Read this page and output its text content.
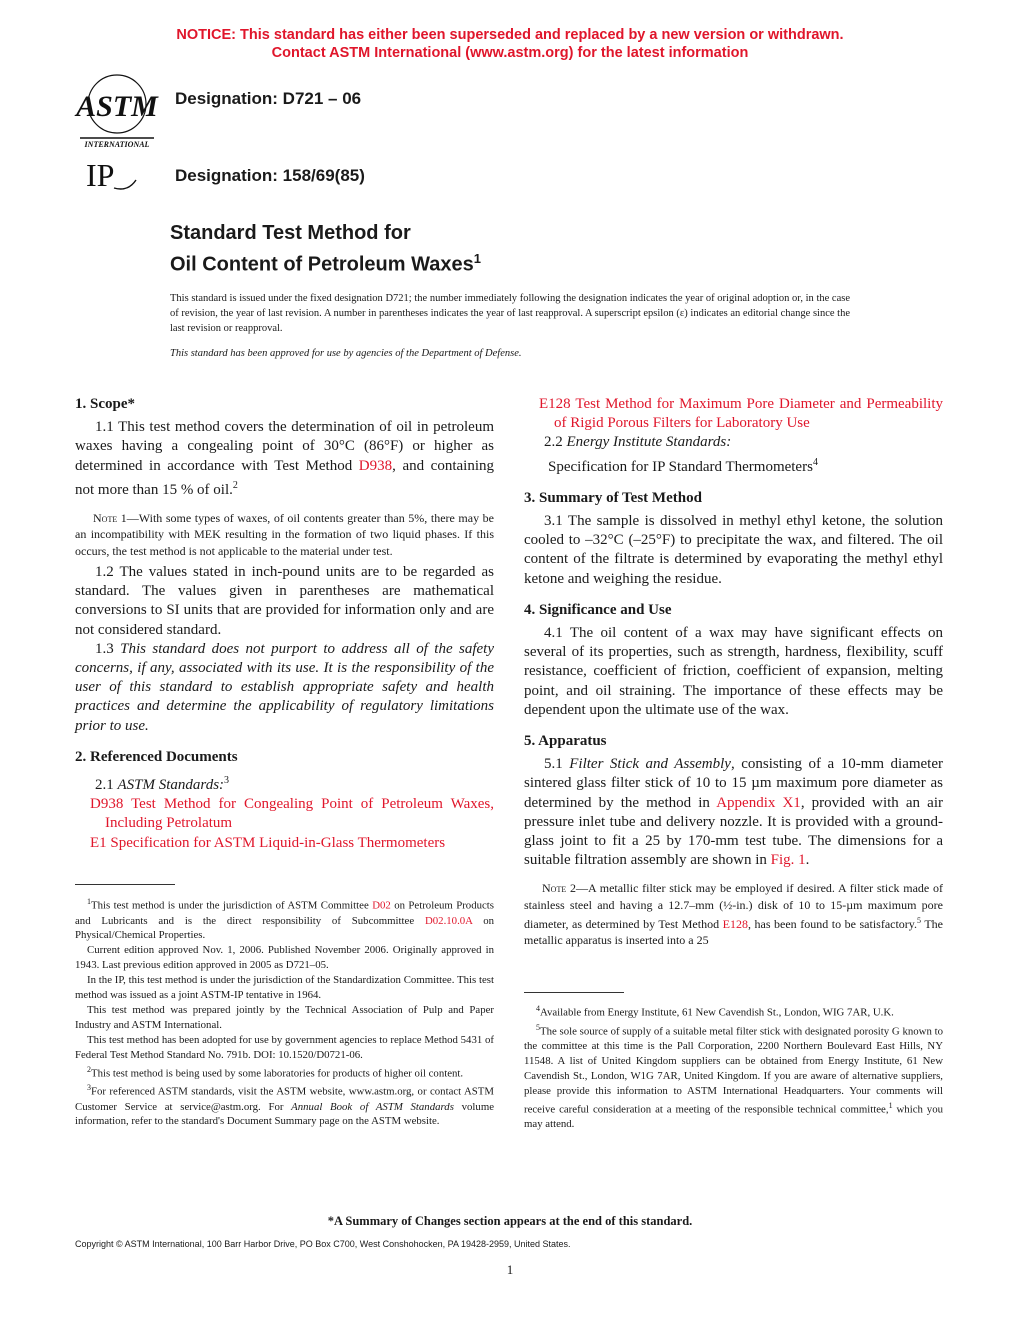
NOTICE: This standard has either been superseded and replaced by a new version or withdrawn.
Contact ASTM International (www.astm.org) for the latest information
ASTM
INTERNATIONAL
Designation: D721 – 06
IP	Designation: 158/69(85)
Standard Test Method for
Oil Content of Petroleum Waxes$^1$
This standard is issued under the fixed designation D721; the number immediately following the designation indicates the year of original adoption or, in the case of revision, the year of last revision. A number in parentheses indicates the year of last reapproval. A superscript epsilon (ε) indicates an editorial change since the last revision or reapproval.
This standard has been approved for use by agencies of the Department of Defense.
1. Scope*

1.1 This test method covers the determination of oil in petroleum waxes having a congealing point of 30°C (86°F) or higher as determined in accordance with Test Method D938, and containing not more than 15 % of oil.$^2$

Note 1—With some types of waxes, of oil contents greater than 5%, there may be an incompatibility with MEK resulting in the formation of two liquid phases. If this occurs, the test method is not applicable to the material under test.

1.2 The values stated in inch-pound units are to be regarded as standard. The values given in parentheses are mathematical conversions to SI units that are provided for information only and are not considered standard.

1.3 This standard does not purport to address all of the safety concerns, if any, associated with its use. It is the responsibility of the user of this standard to establish appropriate safety and health practices and determine the applicability of regulatory limitations prior to use.

2. Referenced Documents

2.1 ASTM Standards:$^3$

D938 Test Method for Congealing Point of Petroleum Waxes, Including Petrolatum

E1 Specification for ASTM Liquid-in-Glass Thermometers

$^1$This test method is under the jurisdiction of ASTM Committee D02 on Petroleum Products and Lubricants and is the direct responsibility of Subcommittee D02.10.0A on Physical/Chemical Properties.

Current edition approved Nov. 1, 2006. Published November 2006. Originally approved in 1943. Last previous edition approved in 2005 as D721–05.

In the IP, this test method is under the jurisdiction of the Standardization Committee. This test method was issued as a joint ASTM-IP tentative in 1964.

This test method was prepared jointly by the Technical Association of Pulp and Paper Industry and ASTM International.

This test method has been adopted for use by government agencies to replace Method 5431 of Federal Test Method Standard No. 791b. DOI: 10.1520/D0721-06.

$^2$This test method is being used by some laboratories for products of higher oil content.

$^3$For referenced ASTM standards, visit the ASTM website, www.astm.org, or contact ASTM Customer Service at service@astm.org. For Annual Book of ASTM Standards volume information, refer to the standard's Document Summary page on the ASTM website.

E128 Test Method for Maximum Pore Diameter and Permeability of Rigid Porous Filters for Laboratory Use

2.2 Energy Institute Standards:

Specification for IP Standard Thermometers$^4$

3. Summary of Test Method

3.1 The sample is dissolved in methyl ethyl ketone, the solution cooled to –32°C (–25°F) to precipitate the wax, and filtered. The oil content of the filtrate is determined by evaporating the methyl ethyl ketone and weighing the residue.

4. Significance and Use

4.1 The oil content of a wax may have significant effects on several of its properties, such as strength, hardness, flexibility, scuff resistance, coefficient of friction, coefficient of expansion, melting point, and oil straining. The importance of these effects may be dependent upon the ultimate use of the wax.

5. Apparatus

5.1 Filter Stick and Assembly, consisting of a 10-mm diameter sintered glass filter stick of 10 to 15 µm maximum pore diameter as determined by the method in Appendix X1, provided with an air pressure inlet tube and delivery nozzle. It is provided with a ground-glass joint to fit a 25 by 170-mm test tube. The dimensions for a suitable filtration assembly are shown in Fig. 1.

Note 2—A metallic filter stick may be employed if desired. A filter stick made of stainless steel and having a 12.7–mm (½-in.) disk of 10 to 15-µm maximum pore diameter, as determined by Test Method E128, has been found to be satisfactory.$^5$ The metallic apparatus is inserted into a 25

$^4$Available from Energy Institute, 61 New Cavendish St., London, WIG 7AR, U.K.

$^5$The sole source of supply of a suitable metal filter stick with designated porosity G known to the committee at this time is the Pall Corporation, 2200 Northern Boulevard East Hills, NY 11548. A list of United Kingdom suppliers can be obtained from Energy Institute, 61 New Cavendish St., London, W1G 7AR, United Kingdom. If you are aware of alternative suppliers, please provide this information to ASTM International Headquarters. Your comments will receive careful consideration at a meeting of the responsible technical committee,$^1$ which you may attend.

*A Summary of Changes section appears at the end of this standard.
Copyright © ASTM International, 100 Barr Harbor Drive, PO Box C700, West Conshohocken, PA 19428-2959, United States.
1
